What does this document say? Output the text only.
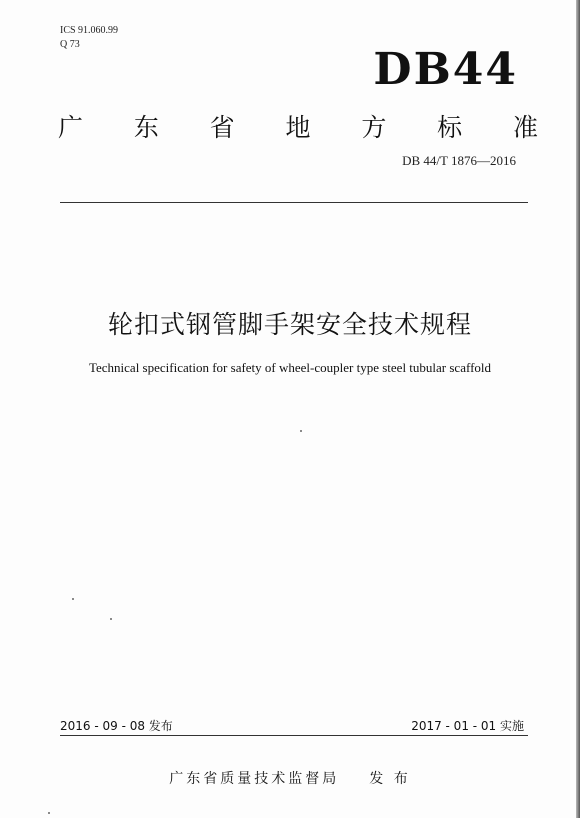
ICS 91.060.99
Q 73	DB44
广 东 省 地 方 标 准
DB 44/T 1876—2016
轮扣式钢管脚手架安全技术规程
Technical specification for safety of wheel-coupler type steel tubular scaffold
2016 - 09 - 08 发布	2017 - 01 - 01 实施
广东省质量技术监督局 发 布
